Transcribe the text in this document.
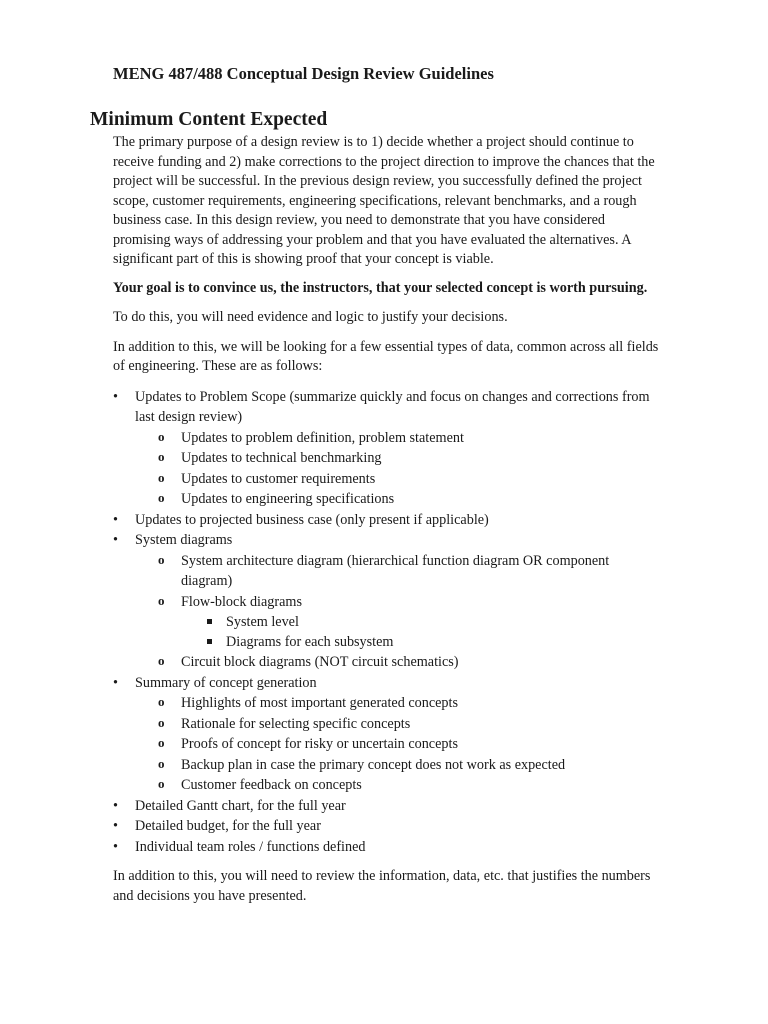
MENG 487/488 Conceptual Design Review Guidelines
Minimum Content Expected

The primary purpose of a design review is to 1) decide whether a project should continue to receive funding and 2) make corrections to the project direction to improve the chances that the project will be successful. In the previous design review, you successfully defined the project scope, customer requirements, engineering specifications, relevant benchmarks, and a rough business case. In this design review, you need to demonstrate that you have considered promising ways of addressing your problem and that you have evaluated the alternatives. A significant part of this is showing proof that your concept is viable.

Your goal is to convince us, the instructors, that your selected concept is worth pursuing.

To do this, you will need evidence and logic to justify your decisions.

In addition to this, we will be looking for a few essential types of data, common across all fields of engineering. These are as follows:

• Updates to Problem Scope (summarize quickly and focus on changes and corrections from last design review)
o Updates to problem definition, problem statement
o Updates to technical benchmarking
o Updates to customer requirements
o Updates to engineering specifications
• Updates to projected business case (only present if applicable)
• System diagrams
o System architecture diagram (hierarchical function diagram OR component diagram)
o Flow-block diagrams
System level
Diagrams for each subsystem
o Circuit block diagrams (NOT circuit schematics)
• Summary of concept generation
o Highlights of most important generated concepts
o Rationale for selecting specific concepts
o Proofs of concept for risky or uncertain concepts
o Backup plan in case the primary concept does not work as expected
o Customer feedback on concepts
• Detailed Gantt chart, for the full year
• Detailed budget, for the full year
• Individual team roles / functions defined

In addition to this, you will need to review the information, data, etc. that justifies the numbers and decisions you have presented.
